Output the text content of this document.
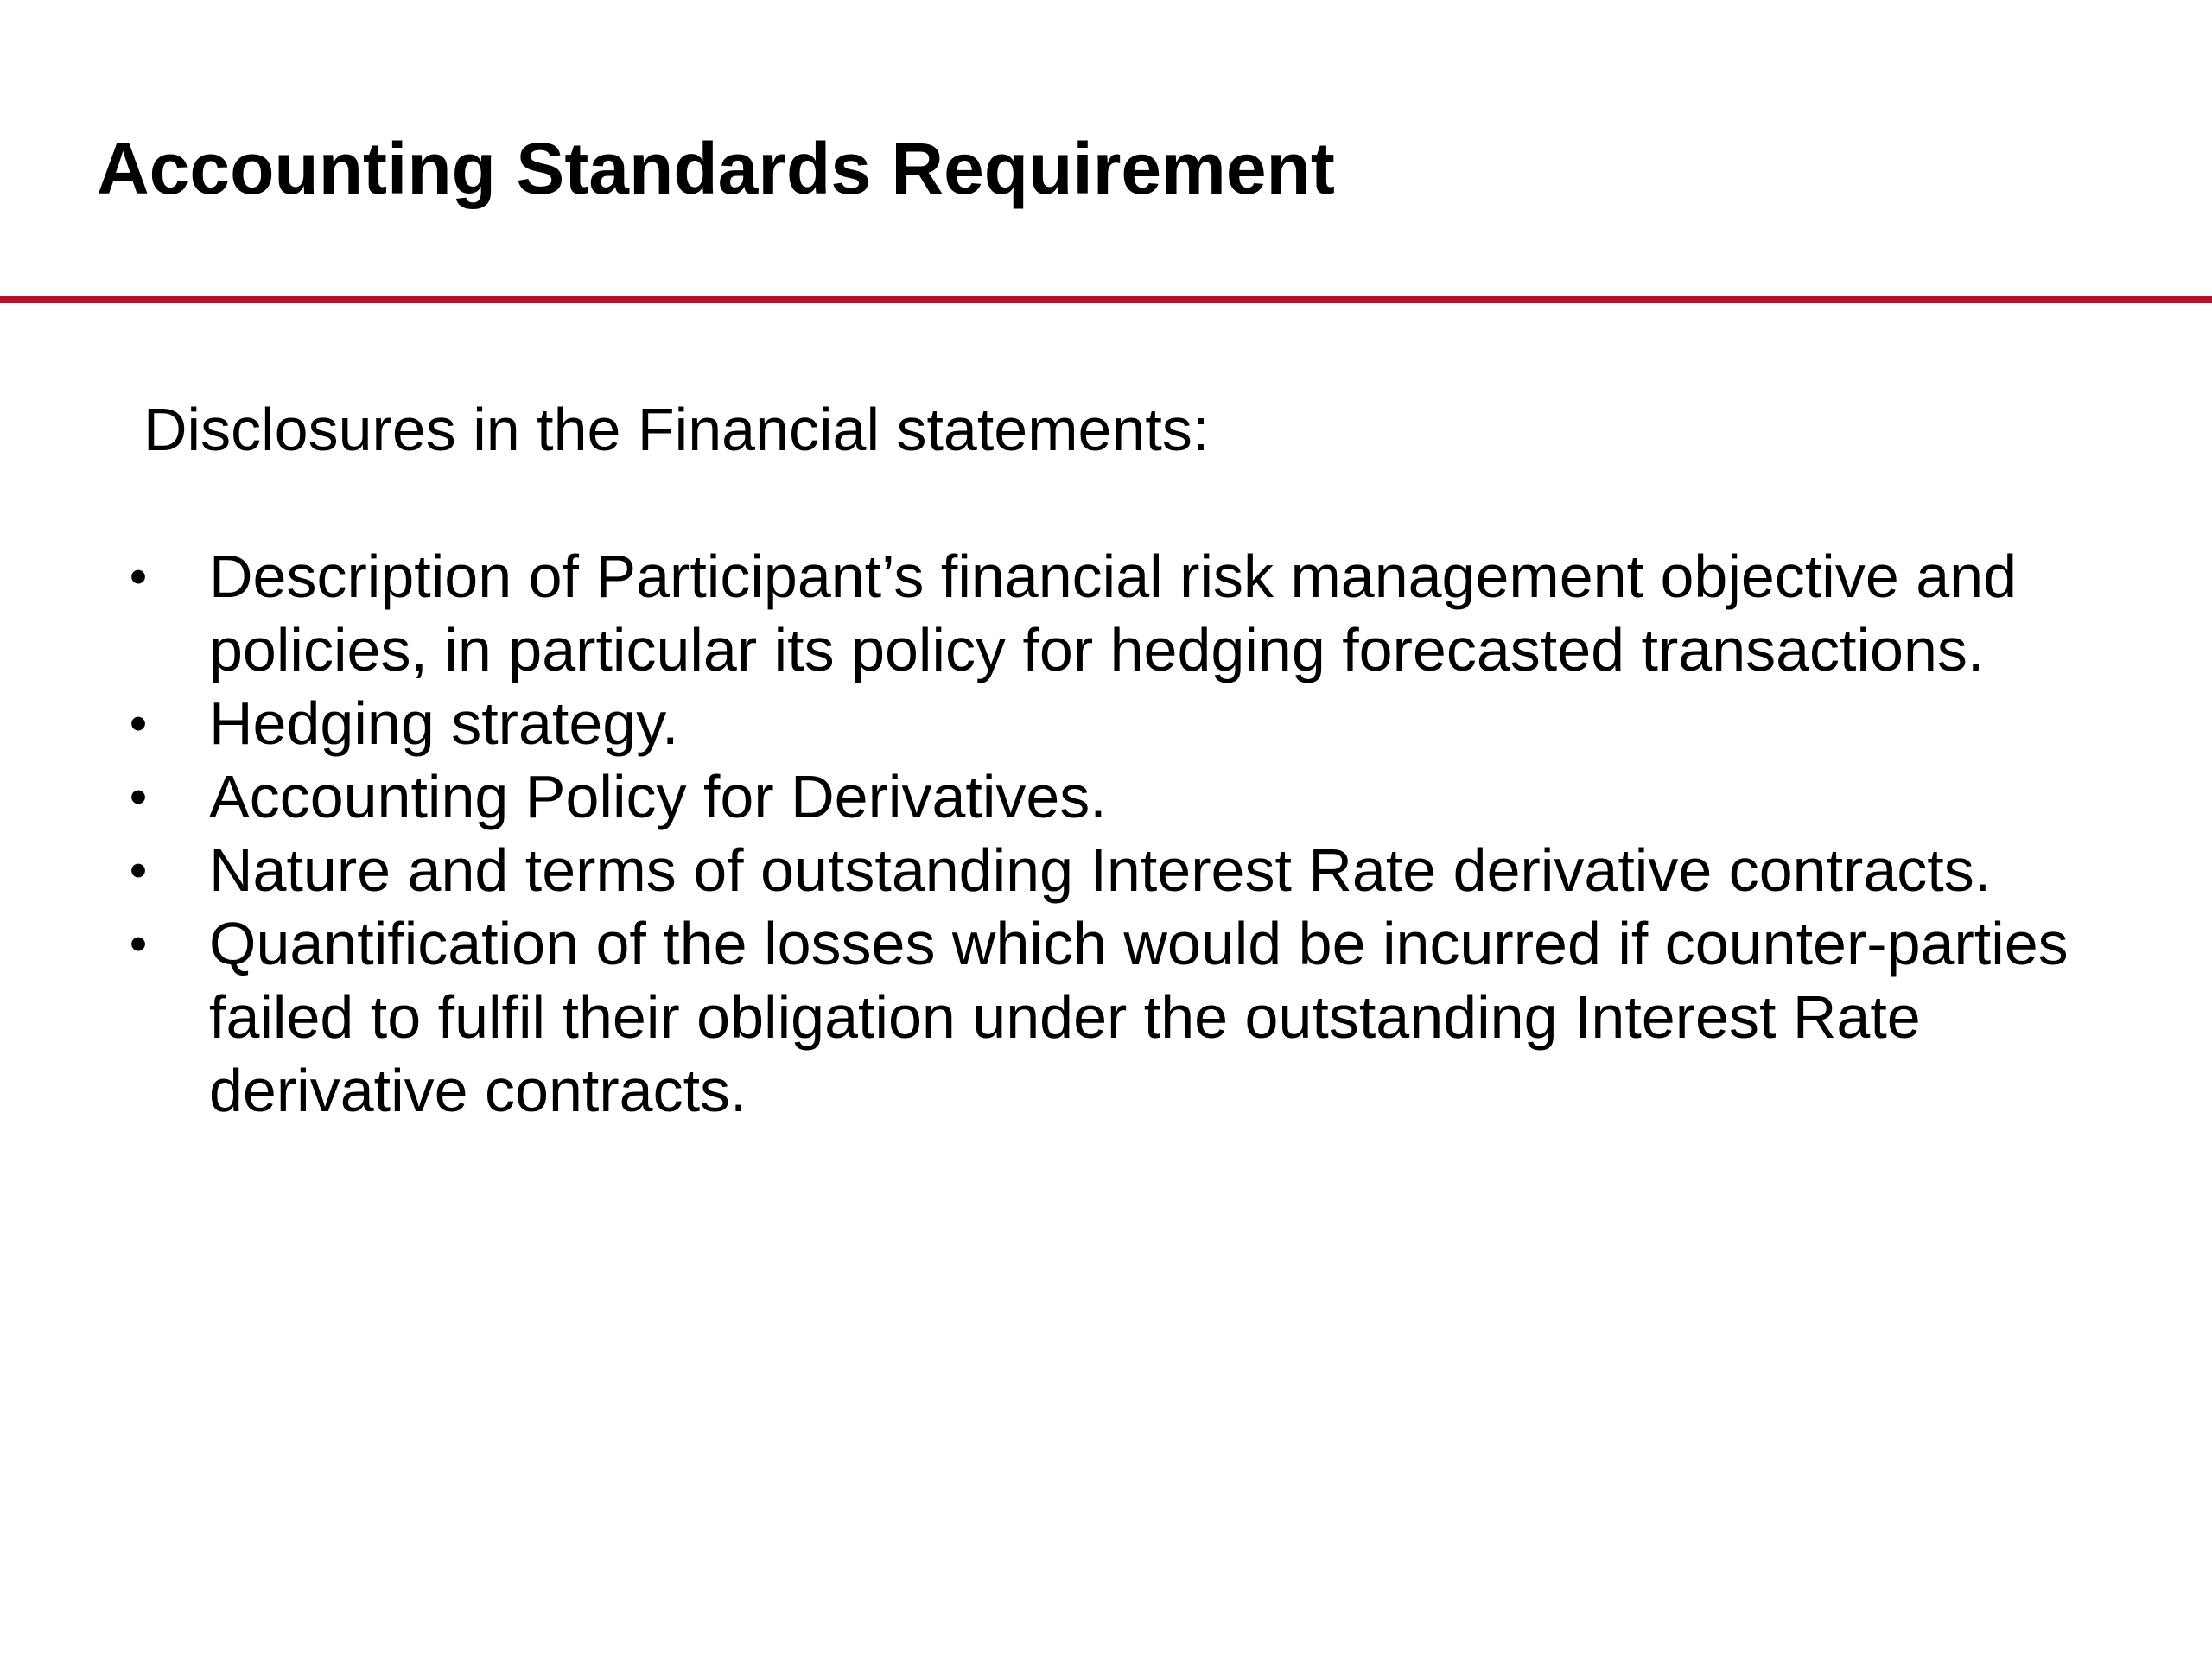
Accounting Standards Requirement

Disclosures in the Financial statements:

• Description of Participant’s financial risk management objective and policies, in particular its policy for hedging forecasted transactions.
• Hedging strategy.
• Accounting Policy for Derivatives.
• Nature and terms of outstanding Interest Rate derivative contracts.
• Quantification of the losses which would be incurred if counter-parties failed to fulfil their obligation under the outstanding Interest Rate derivative contracts.
